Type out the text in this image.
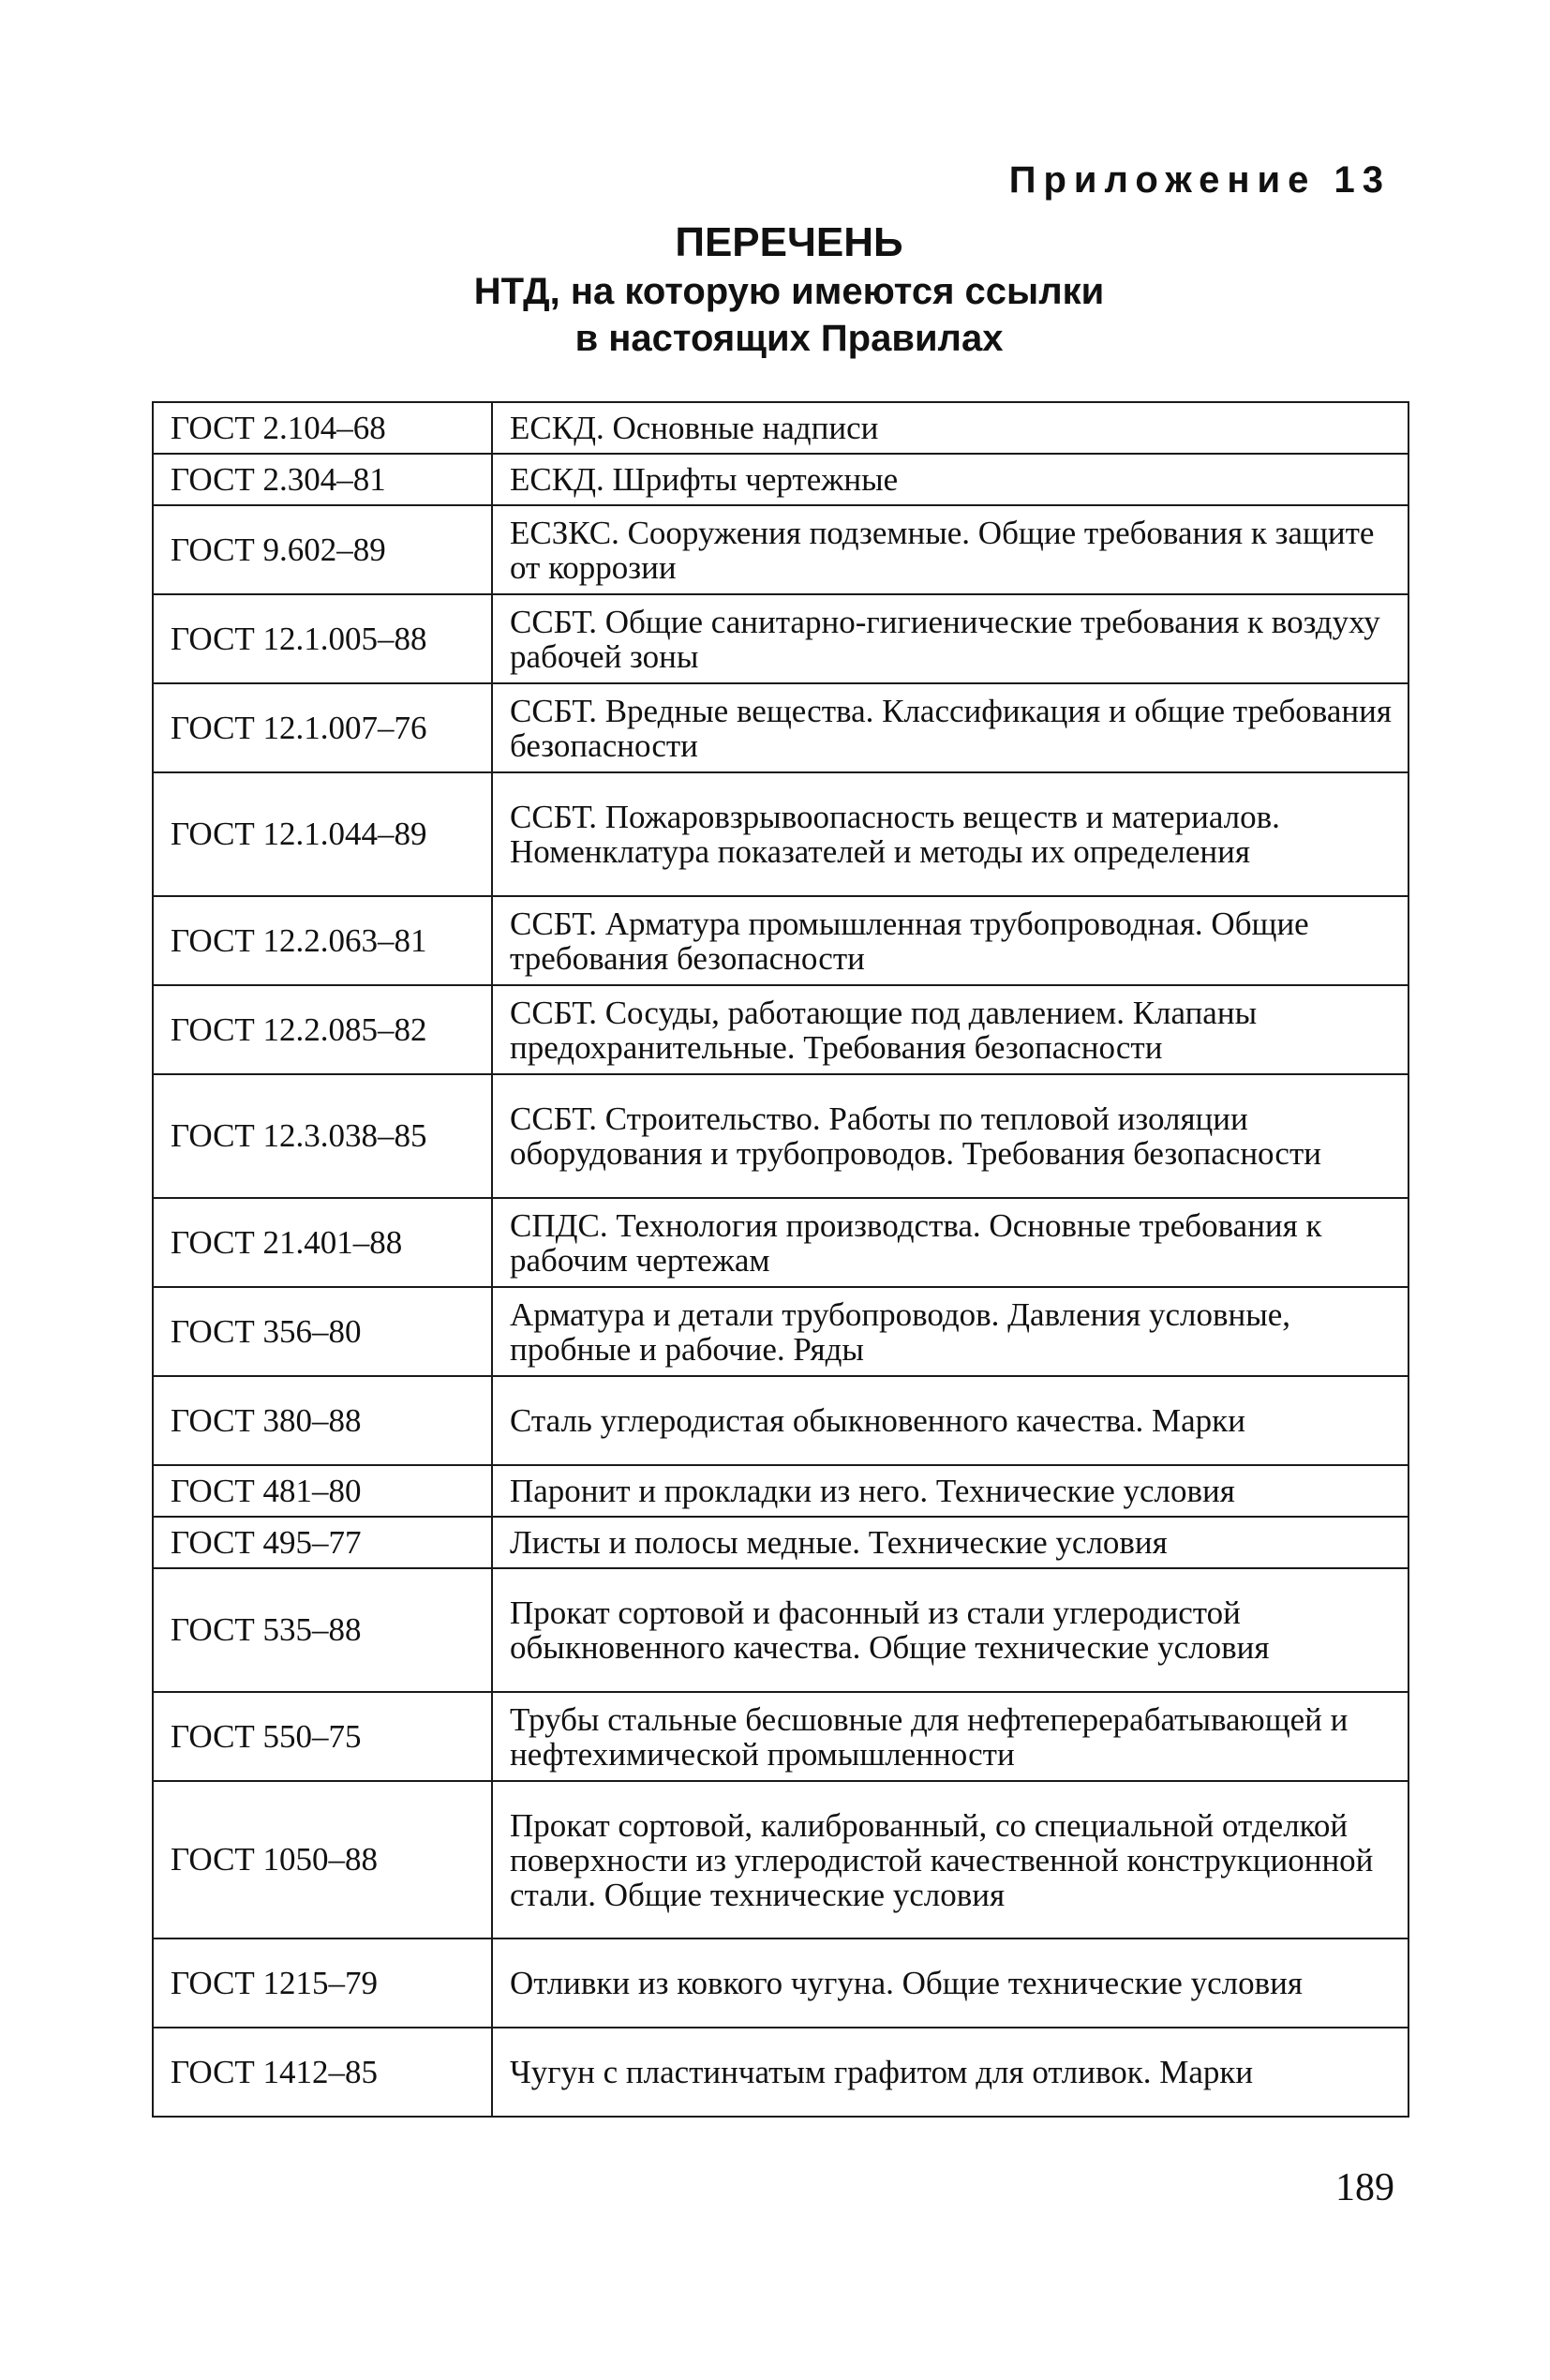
Приложение 13

ПЕРЕЧЕНЬ

НТД, на которую имеются ссылки

в настоящих Правилах

ГОСТ 2.104–68	ЕСКД. Основные надписи
ГОСТ 2.304–81	ЕСКД. Шрифты чертежные
ГОСТ 9.602–89	ЕСЗКС. Сооружения подземные. Общие требования к защите от коррозии
ГОСТ 12.1.005–88	ССБТ. Общие санитарно-гигиенические требования к воздуху рабочей зоны
ГОСТ 12.1.007–76	ССБТ. Вредные вещества. Классификация и общие требования безопасности
ГОСТ 12.1.044–89	ССБТ. Пожаровзрывоопасность веществ и материалов. Номенклатура показателей и методы их определения
ГОСТ 12.2.063–81	ССБТ. Арматура промышленная трубопроводная. Общие требования безопасности
ГОСТ 12.2.085–82	ССБТ. Сосуды, работающие под давлением. Клапаны предохранительные. Требования безопасности
ГОСТ 12.3.038–85	ССБТ. Строительство. Работы по тепловой изоляции оборудования и трубопроводов. Требования безопасности
ГОСТ 21.401–88	СПДС. Технология производства. Основные требования к рабочим чертежам
ГОСТ 356–80	Арматура и детали трубопроводов. Давления условные, пробные и рабочие. Ряды
ГОСТ 380–88	Сталь углеродистая обыкновенного качества. Марки
ГОСТ 481–80	Паронит и прокладки из него. Технические условия
ГОСТ 495–77	Листы и полосы медные. Технические условия
ГОСТ 535–88	Прокат сортовой и фасонный из стали углеродистой обыкновенного качества. Общие технические условия
ГОСТ 550–75	Трубы стальные бесшовные для нефтеперерабатывающей и нефтехимической промышленности
ГОСТ 1050–88	Прокат сортовой, калиброванный, со специальной отделкой поверхности из углеродистой качественной конструкционной стали. Общие технические условия
ГОСТ 1215–79	Отливки из ковкого чугуна. Общие технические условия
ГОСТ 1412–85	Чугун с пластинчатым графитом для отливок. Марки

189
